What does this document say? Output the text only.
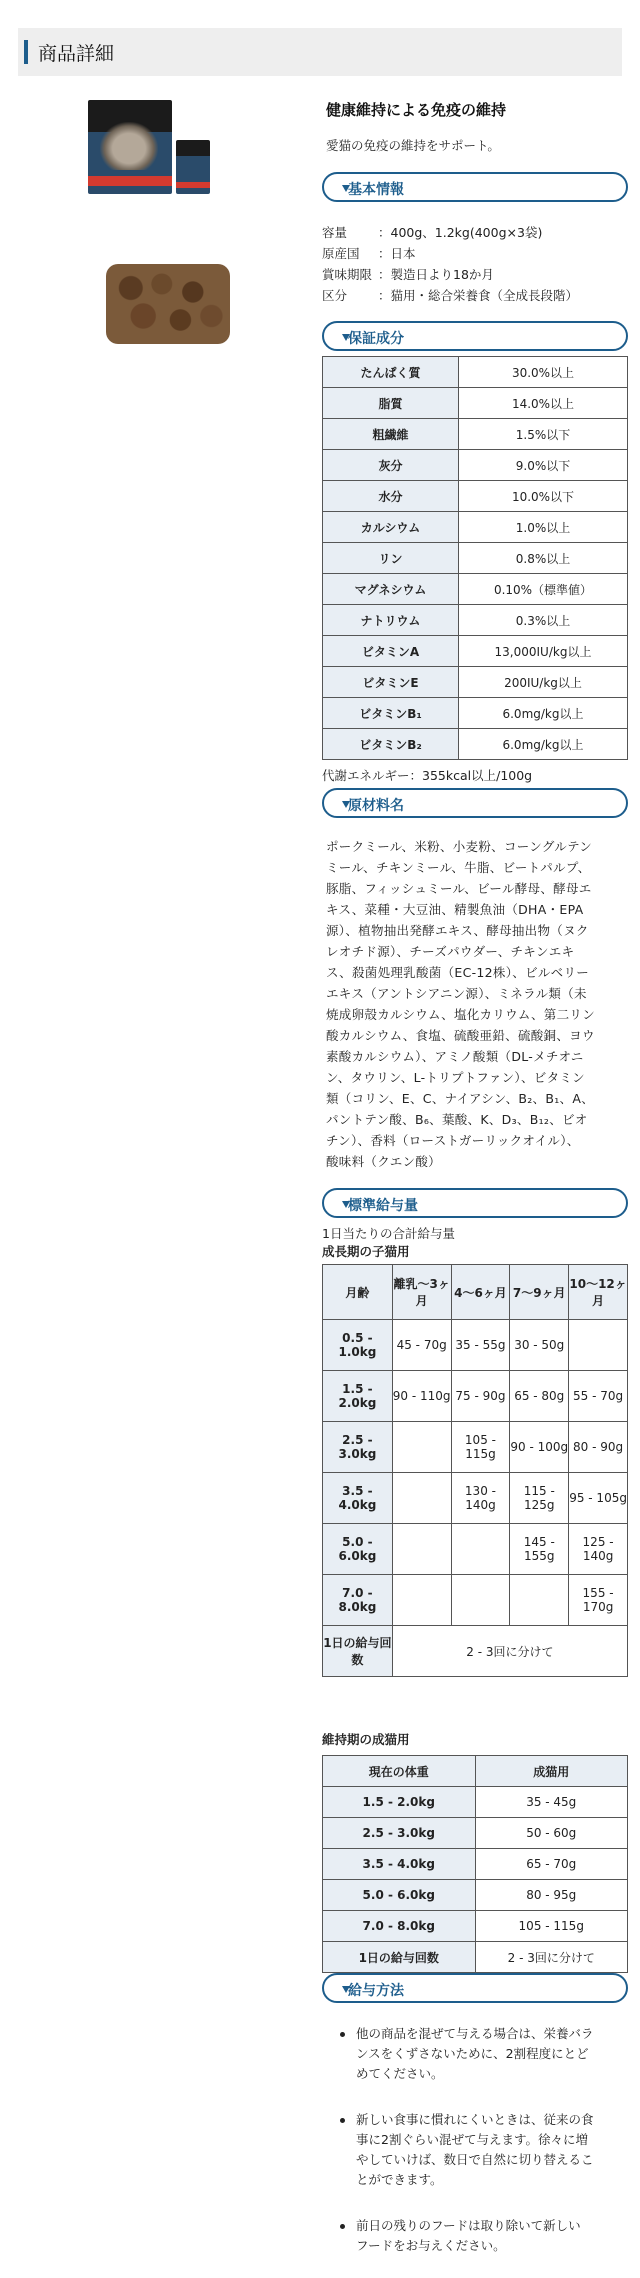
商品詳細
健康維持による免疫の維持
愛猫の免疫の維持をサポート。
基本情報
容量 ：400g、1.2kg(400g×3袋)
原産国 ：日本
賞味期限 ：製造日より18か月
区分 ：猫用・総合栄養食（全成長段階）
保証成分
たんぱく質	30.0%以上
脂質	14.0%以上
粗繊維	1.5%以下
灰分	9.0%以下
水分	10.0%以下
カルシウム	1.0%以上
リン	0.8%以上
マグネシウム	0.10%（標準値）
ナトリウム	0.3%以上
ビタミンA	13,000IU/kg以上
ビタミンE	200IU/kg以上
ビタミンB₁	6.0mg/kg以上
ビタミンB₂	6.0mg/kg以上
代謝エネルギー：355kcal以上/100g
原材料名
ポークミール、米粉、小麦粉、コーングルテン
ミール、チキンミール、牛脂、ビートパルプ、
豚脂、フィッシュミール、ビール酵母、酵母エ
キス、菜種・大豆油、精製魚油（DHA・EPA
源）、植物抽出発酵エキス、酵母抽出物（ヌク
レオチド源）、チーズパウダー、チキンエキ
ス、殺菌処理乳酸菌（EC-12株）、ビルベリー
エキス（アントシアニン源）、ミネラル類（未
焼成卵殻カルシウム、塩化カリウム、第二リン
酸カルシウム、食塩、硫酸亜鉛、硫酸銅、ヨウ
素酸カルシウム）、アミノ酸類（DL-メチオニ
ン、タウリン、L-トリプトファン）、ビタミン
類（コリン、E、C、ナイアシン、B₂、B₁、A、
パントテン酸、B₆、葉酸、K、D₃、B₁₂、ビオ
チン）、香料（ローストガーリックオイル）、
酸味料（クエン酸）
標準給与量
1日当たりの合計給与量
成長期の子猫用
月齢	離乳〜3ヶ月	4〜6ヶ月	7〜9ヶ月	10〜12ヶ月
0.5 - 1.0kg	45 - 70g	35 - 55g	30 - 50g	
1.5 - 2.0kg	90 - 110g	75 - 90g	65 - 80g	55 - 70g
2.5 - 3.0kg		105 - 115g	90 - 100g	80 - 90g
3.5 - 4.0kg		130 - 140g	115 - 125g	95 - 105g
5.0 - 6.0kg			145 - 155g	125 - 140g
7.0 - 8.0kg				155 - 170g
1日の給与回数	2 - 3回に分けて			
維持期の成猫用
現在の体重	成猫用
1.5 - 2.0kg	35 - 45g
2.5 - 3.0kg	50 - 60g
3.5 - 4.0kg	65 - 70g
5.0 - 6.0kg	80 - 95g
7.0 - 8.0kg	105 - 115g
1日の給与回数	2 - 3回に分けて
給与方法
他の商品を混ぜて与える場合は、栄養バラ
ンスをくずさないために、2割程度にとど
めてください。
新しい食事に慣れにくいときは、従来の食
事に2割ぐらい混ぜて与えます。徐々に増
やしていけば、数日で自然に切り替えるこ
とができます。
前日の残りのフードは取り除いて新しい
フードをお与えください。
